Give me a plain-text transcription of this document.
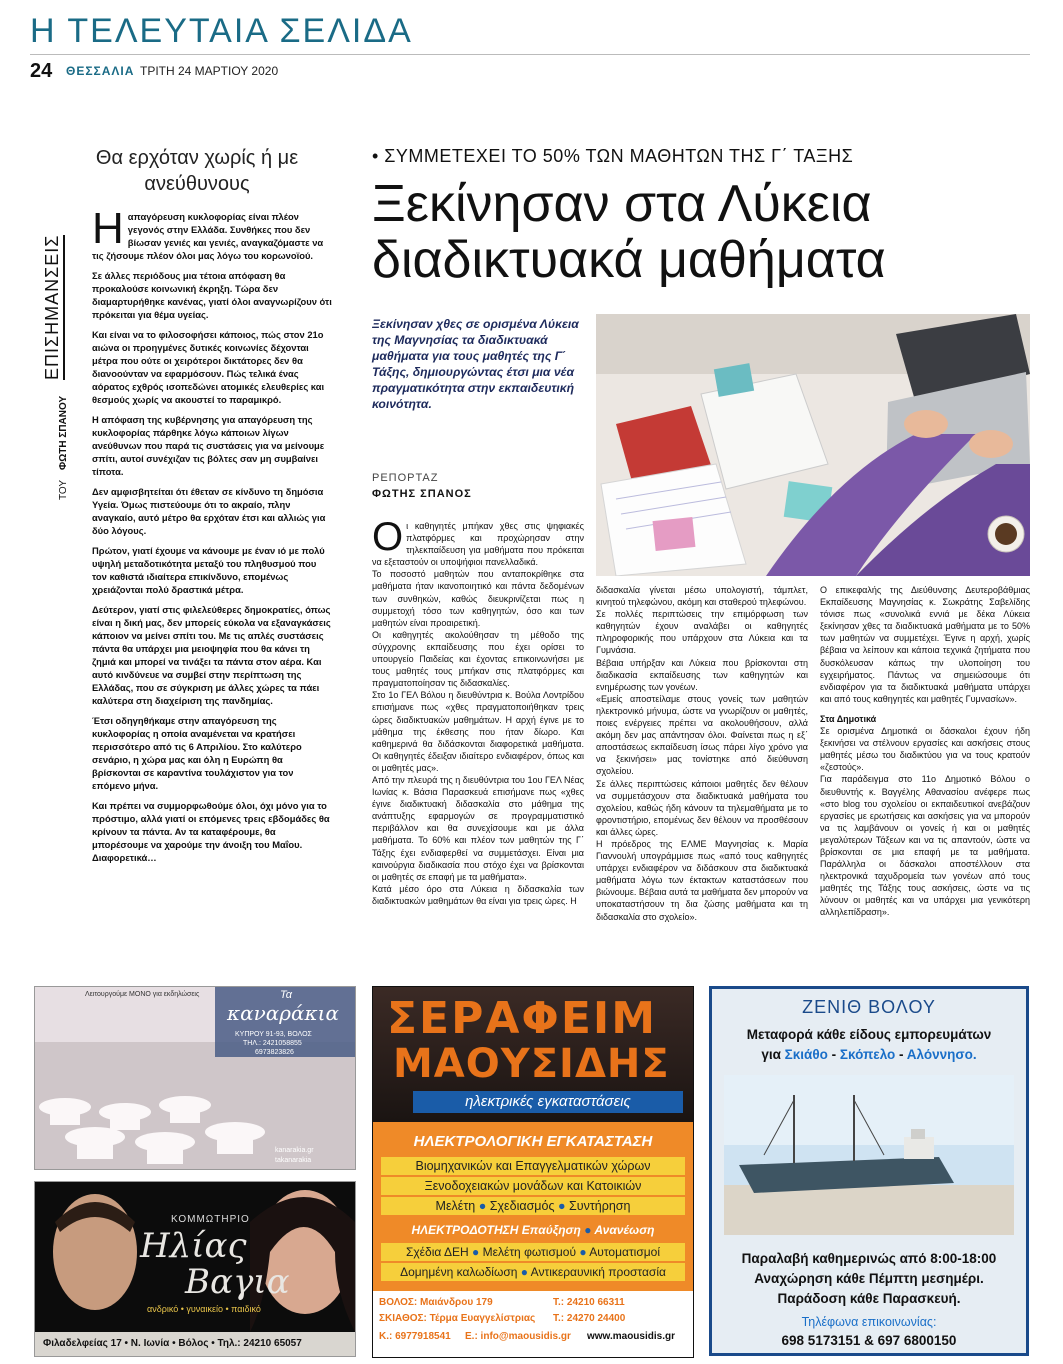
Η ΤΕΛΕΥΤΑΙΑ ΣΕΛΙΔΑ
24 ΘΕΣΣΑΛΙΑ ΤΡΙΤΗ 24 ΜΑΡΤΙΟΥ 2020
ΕΠΙΣΗΜΑΝΣΕΙΣ
ΤΟΥ
ΦΩΤΗ ΣΠΑΝΟΥ
Θα ερχόταν χωρίς ή με ανεύθυνους

Ηαπαγόρευση κυκλοφορίας είναι πλέον γεγονός στην Ελλάδα. Συνθήκες που δεν βίωσαν γενιές και γενιές, αναγκαζόμαστε να τις ζήσουμε πλέον όλοι μας λόγω του κορωνοϊού.

Σε άλλες περιόδους μια τέτοια απόφαση θα προκαλούσε κοινωνική έκρηξη. Τώρα δεν διαμαρτυρήθηκε κανένας, γιατί όλοι αναγνωρίζουν ότι πρόκειται για θέμα υγείας.

Και είναι να το φιλοσοφήσει κάποιος, πώς στον 21ο αιώνα οι προηγμένες δυτικές κοινωνίες δέχονται μέτρα που ούτε οι χειρότεροι δικτάτορες δεν θα διανοούνταν να εφαρμόσουν. Πώς τελικά ένας αόρατος εχθρός ισοπεδώνει ατομικές ελευθερίες και θεσμούς χωρίς να ακουστεί το παραμικρό.

Η απόφαση της κυβέρνησης για απαγόρευση της κυκλοφορίας πάρθηκε λόγω κάποιων λίγων ανεύθυνων που παρά τις συστάσεις για να μείνουμε σπίτι, αυτοί συνέχιζαν τις βόλτες σαν μη συμβαίνει τίποτα.

Δεν αμφισβητείται ότι έθεταν σε κίνδυνο τη δημόσια Υγεία. Όμως πιστεύουμε ότι το ακραίο, πλην αναγκαίο, αυτό μέτρο θα ερχόταν έτσι και αλλιώς για δύο λόγους.

Πρώτον, γιατί έχουμε να κάνουμε με έναν ιό με πολύ υψηλή μεταδοτικότητα μεταξύ του πληθυσμού που τον καθιστά ιδιαίτερα επικίνδυνο, επομένως χρειάζονται πολύ δραστικά μέτρα.

Δεύτερον, γιατί στις φιλελεύθερες δημοκρατίες, όπως είναι η δική μας, δεν μπορείς εύκολα να εξαναγκάσεις κάποιον να μείνει σπίτι του. Με τις απλές συστάσεις πάντα θα υπάρχει μια μειοψηφία που θα κάνει τη ζημιά και μπορεί να τινάξει τα πάντα στον αέρα. Και αυτό κινδύνευε να συμβεί στην περίπτωση της Ελλάδας, που σε σύγκριση με άλλες χώρες τα πάει καλύτερα στη διαχείριση της πανδημίας.

Έτσι οδηγηθήκαμε στην απαγόρευση της κυκλοφορίας η οποία αναμένεται να κρατήσει περισσότερο από τις 6 Απριλίου. Στο καλύτερο σενάριο, η χώρα μας και όλη η Ευρώπη θα βρίσκονται σε καραντίνα τουλάχιστον για τον επόμενο μήνα.

Και πρέπει να συμμορφωθούμε όλοι, όχι μόνο για το πρόστιμο, αλλά γιατί οι επόμενες τρεις εβδομάδες θα κρίνουν τα πάντα. Αν τα καταφέρουμε, θα μπορέσουμε να χαρούμε την άνοιξη του Μαΐου. Διαφορετικά…

• ΣΥΜΜΕΤΕΧΕΙ ΤΟ 50% ΤΩΝ ΜΑΘΗΤΩΝ ΤΗΣ Γ΄ ΤΑΞΗΣ
Ξεκίνησαν στα Λύκεια
διαδικτυακά μαθήματα
Ξεκίνησαν χθες σε ορισμένα Λύκεια της Μαγνησίας τα διαδικτυακά μαθήματα για τους μαθητές της Γ΄ Τάξης, δημιουργώντας έτσι μια νέα πραγματικότητα στην εκπαιδευτική κοινότητα.
ΡΕΠΟΡΤΑΖ
ΦΩΤΗΣ ΣΠΑΝΟΣ

Οι καθηγητές μπήκαν χθες στις ψηφιακές πλατφόρμες και προχώρησαν στην τηλεκπαίδευση για μαθήματα που πρόκειται να εξεταστούν οι υποψήφιοι πανελλαδικά.

Το ποσοστό μαθητών που ανταποκρίθηκε στα μαθήματα ήταν ικανοποιητικό και πάντα δεδομένων των συνθηκών, καθώς διευκρινίζεται πως η συμμετοχή τόσο των καθηγητών, όσο και των μαθητών είναι προαιρετική.

Οι καθηγητές ακολούθησαν τη μέθοδο της σύγχρονης εκπαίδευσης που έχει ορίσει το υπουργείο Παιδείας και έχοντας επικοινωνήσει με τους μαθητές τους μπήκαν στις πλατφόρμες και πραγματοποίησαν τις διδασκαλίες.

Στο 1ο ΓΕΛ Βόλου η διευθύντρια κ. Βούλα Λοντρίδου επισήμανε πως «χθες πραγματοποιήθηκαν τρεις ώρες διαδικτυακών μαθημάτων. Η αρχή έγινε με το μάθημα της έκθεσης που ήταν δίωρο. Και καθημερινά θα διδάσκονται διαφορετικά μαθήματα. Οι καθηγητές έδειξαν ιδιαίτερο ενδιαφέρον, όπως και οι μαθητές μας».

Από την πλευρά της η διευθύντρια του 1ου ΓΕΛ Νέας Ιωνίας κ. Βάσια Παρασκευά επισήμανε πως «χθες έγινε διαδικτυακή διδασκαλία στο μάθημα της ανάπτυξης εφαρμογών σε προγραμματιστικό περιβάλλον και θα συνεχίσουμε και με άλλα μαθήματα. Το 60% και πλέον των μαθητών της Γ΄ Τάξης έχει ενδιαφερθεί να συμμετάσχει. Είναι μια καινούργια διαδικασία που στόχο έχει να βρίσκονται οι μαθητές σε επαφή με τα μαθήματα».

Κατά μέσο όρο στα Λύκεια η διδασκαλία των διαδικτυακών μαθημάτων θα είναι για τρεις ώρες. Η

διδασκαλία γίνεται μέσω υπολογιστή, τάμπλετ, κινητού τηλεφώνου, ακόμη και σταθερού τηλεφώνου.

Σε πολλές περιπτώσεις την επιμόρφωση των καθηγητών έχουν αναλάβει οι καθηγητές πληροφορικής που υπάρχουν στα Λύκεια και τα Γυμνάσια.

Βέβαια υπήρξαν και Λύκεια που βρίσκονται στη διαδικασία εκπαίδευσης των καθηγητών και ενημέρωσης των γονέων.

«Εμείς αποστείλαμε στους γονείς των μαθητών ηλεκτρονικό μήνυμα, ώστε να γνωρίζουν οι μαθητές, ποιες ενέργειες πρέπει να ακολουθήσουν, αλλά ακόμη δεν μας απάντησαν όλοι. Φαίνεται πως η εξ΄ αποστάσεως εκπαίδευση ίσως πάρει λίγο χρόνο για να ξεκινήσει» μας τονίστηκε από διεύθυνση σχολείου.

Σε άλλες περιπτώσεις κάποιοι μαθητές δεν θέλουν να συμμετάσχουν στα διαδικτυακά μαθήματα του σχολείου, καθώς ήδη κάνουν τα τηλεμαθήματα με το φροντιστήριο, επομένως δεν θέλουν να προσθέσουν και άλλες ώρες.

Η πρόεδρος της ΕΛΜΕ Μαγνησίας κ. Μαρία Γιαννουλή υπογράμμισε πως «από τους καθηγητές υπάρχει ενδιαφέρον να διδάσκουν στα διαδικτυακά μαθήματα λόγω των έκτακτων καταστάσεων που βιώνουμε. Βέβαια αυτά τα μαθήματα δεν μπορούν να υποκαταστήσουν τη δια ζώσης μαθήματα και τη διδασκαλία στο σχολείο».

Ο επικεφαλής της Διεύθυνσης Δευτεροβάθμιας Εκπαίδευσης Μαγνησίας κ. Σωκράτης Σαβελίδης τόνισε πως «συνολικά εννιά με δέκα Λύκεια ξεκίνησαν χθες τα διαδικτυακά μαθήματα με το 50% των μαθητών να συμμετέχει. Έγινε η αρχή, χωρίς βέβαια να λείπουν και κάποια τεχνικά ζητήματα που δυσκόλευσαν κάπως την υλοποίηση του εγχειρήματος. Πάντως να σημειώσουμε ότι ενδιαφέρον για τα διαδικτυακά μαθήματα υπάρχει και από τους καθηγητές και μαθητές Γυμνασίων».

Στα Δημοτικά

Σε ορισμένα Δημοτικά οι δάσκαλοι έχουν ήδη ξεκινήσει να στέλνουν εργασίες και ασκήσεις στους μαθητές μέσω του διαδικτύου για να τους κρατούν «ζεστούς».

Για παράδειγμα στο 11ο Δημοτικό Βόλου ο διευθυντής κ. Βαγγέλης Αθανασίου ανέφερε πως «στο blog του σχολείου οι εκπαιδευτικοί ανεβάζουν εργασίες με ερωτήσεις και ασκήσεις για να μπορούν να τις λαμβάνουν οι γονείς ή και οι μαθητές μεγαλύτερων Τάξεων και να τις απαντούν, ώστε να βρίσκονται σε μια επαφή με τα μαθήματα. Παράλληλα οι δάσκαλοι αποστέλλουν στα ηλεκτρονικά ταχυδρομεία των γονέων από τους μαθητές της Τάξης τους ασκήσεις, ώστε να τις λύνουν οι μαθητές και να υπάρχει μια γενικότερη αλληλεπίδραση».

Λειτουργούμε ΜΟΝΟ για εκδηλώσεις	Τα
καναράκια
ΚΥΠΡΟΥ 91-93, ΒΟΛΟΣ
ΤΗΛ.: 2421058855
6973823826
kanarakia.gr
takanarakia
ΚΟΜΜΩΤΗΡΙΟ
Ηλίας
Βαγια
ανδρικό • γυναικείο • παιδικό
Φιλαδελφείας 17 • Ν. Ιωνία • Βόλος • Τηλ.: 24210 65057
ΣΕΡΑΦΕΙΜ
ΜΑΟΥΣΙΔΗΣ
ηλεκτρικές εγκαταστάσεις
ΗΛΕΚΤΡΟΛΟΓΙΚΗ ΕΓΚΑΤΑΣΤΑΣΗ
Βιομηχανικών και Επαγγελματικών χώρων
Ξενοδοχειακών μονάδων και Κατοικιών
Μελέτη ● Σχεδιασμός ● Συντήρηση
ΗΛΕΚΤΡΟΔΟΤΗΣΗ Επαύξηση ● Ανανέωση
Σχέδια ΔΕΗ ● Μελέτη φωτισμού ● Αυτοματισμοί
Δομημένη καλωδίωση ● Αντικεραυνική προστασία
ΒΟΛΟΣ: Μαιάνδρου 179	T.: 24210 66311
ΣΚΙΑΘΟΣ: Τέρμα Ευαγγελίστριας T.: 24270 24400
Κ.: 6977918541 E.: info@maousidis.gr www.maousidis.gr
ΖΕΝΙΘ ΒΟΛΟΥ
Μεταφορά κάθε είδους εμπορευμάτων
για Σκιάθο - Σκόπελο - Αλόννησο.
Παραλαβή καθημερινώς από 8:00-18:00
Αναχώρηση κάθε Πέμπτη μεσημέρι.
Παράδοση κάθε Παρασκευή.
Τηλέφωνα επικοινωνίας:
698 5173151 & 697 6800150
